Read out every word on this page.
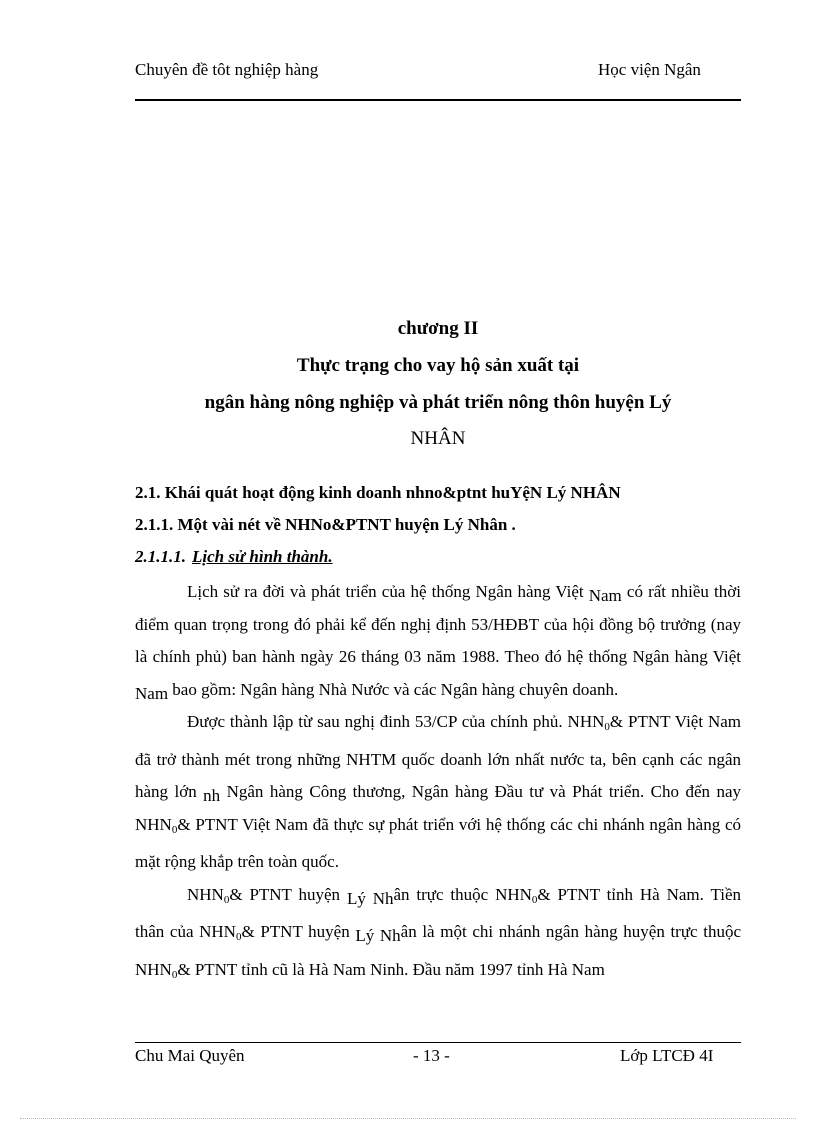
Chuyên đề tôt nghiệp hàng	Học viện Ngân
chương II
Thực trạng cho vay hộ sản xuất tại
ngân hàng nông nghiệp và phát triển nông thôn huyện Lý
NHÂN
2.1. Khái quát hoạt động kinh doanh nhno&ptnt huYệN Lý NHÂN
2.1.1. Một vài nét về NHNo&PTNT huyện Lý Nhân .
2.1.1.1. Lịch sử hình thành.

Lịch sử ra đời và phát triển của hệ thống Ngân hàng Việt Nam có rất nhiều thời điểm quan trọng trong đó phải kể đến nghị định 53/HĐBT của hội đồng bộ trưởng (nay là chính phủ) ban hành ngày 26 tháng 03 năm 1988. Theo đó hệ thống Ngân hàng Việt Nam bao gồm: Ngân hàng Nhà Nước và các Ngân hàng chuyên doanh.

Được thành lập từ sau nghị đinh 53/CP của chính phủ. $NHN_0\&$ PTNT Việt Nam đã trở thành mét trong những NHTM quốc doanh lớn nhất nước ta, bên cạnh các ngân hàng lớn nh Ngân hàng Công thương, Ngân hàng Đầu tư và Phát triển. Cho đến nay $NHN_0\&$ PTNT Việt Nam đã thực sự phát triển với hệ thống các chi nhánh ngân hàng có mặt rộng khắp trên toàn quốc.

$NHN_0\&$ PTNT huyện Lý Nhân trực thuộc $NHN_0\&$ PTNT tỉnh Hà Nam. Tiền thân của $NHN_0\&$ PTNT huyện Lý Nhân là một chi nhánh ngân hàng huyện trực thuộc $NHN_0\&$ PTNT tỉnh cũ là Hà Nam Ninh. Đầu năm 1997 tỉnh Hà Nam

Chu Mai Quyên	- 13 -	Lớp LTCĐ 4I
